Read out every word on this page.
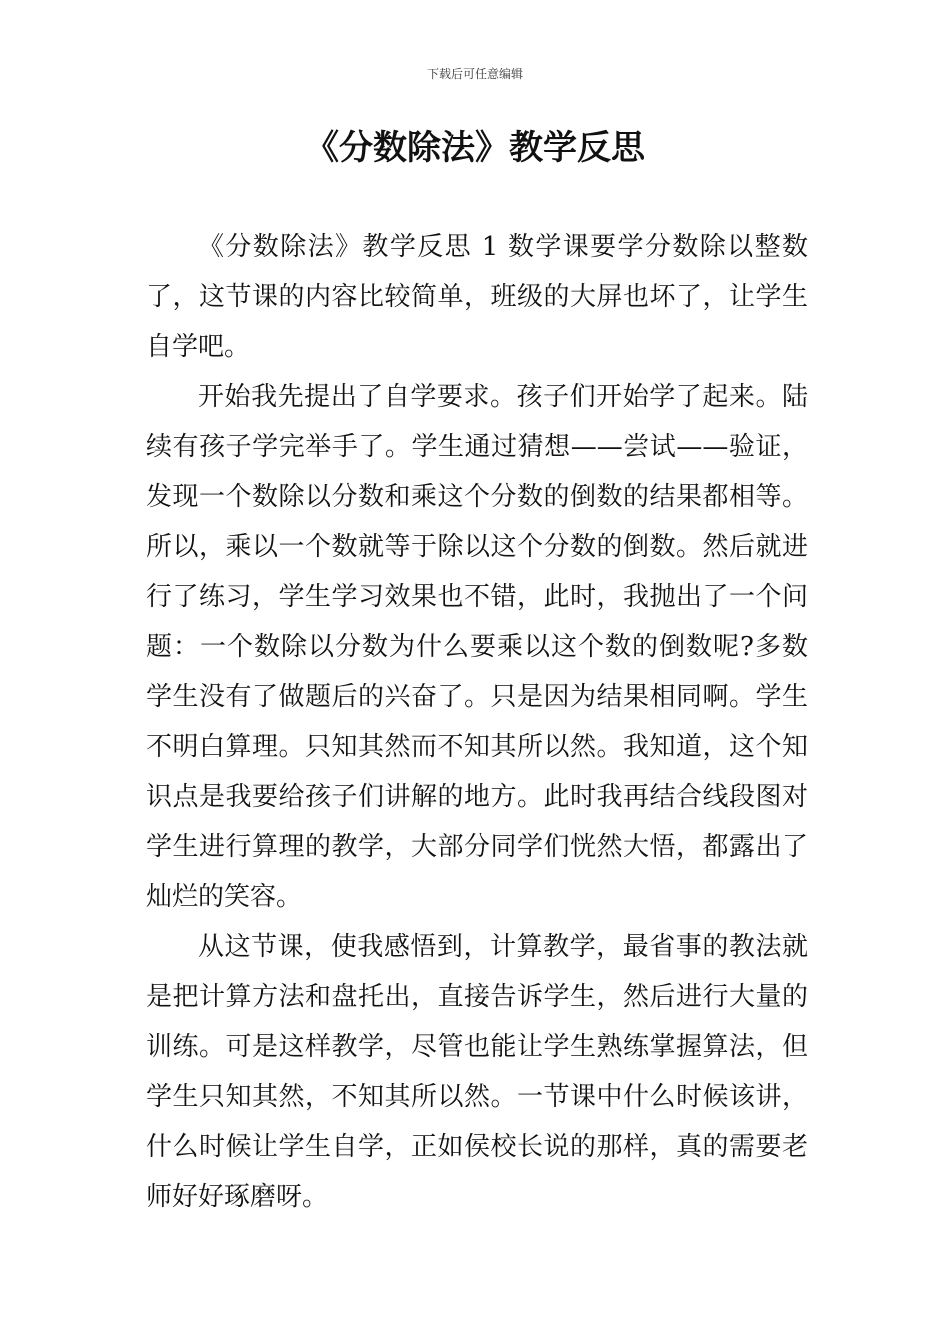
下载后可任意编辑
《分数除法》教学反思

《分数除法》教学反思 1 数学课要学分数除以整数了，这节课的内容比较简单，班级的大屏也坏了，让学生自学吧。

开始我先提出了自学要求。孩子们开始学了起来。陆续有孩子学完举手了。学生通过猜想——尝试——验证，发现一个数除以分数和乘这个分数的倒数的结果都相等。所以，乘以一个数就等于除以这个分数的倒数。然后就进行了练习，学生学习效果也不错，此时，我抛出了一个问题：一个数除以分数为什么要乘以这个数的倒数呢?多数学生没有了做题后的兴奋了。只是因为结果相同啊。学生不明白算理。只知其然而不知其所以然。我知道，这个知识点是我要给孩子们讲解的地方。此时我再结合线段图对学生进行算理的教学，大部分同学们恍然大悟，都露出了灿烂的笑容。

从这节课，使我感悟到，计算教学，最省事的教法就是把计算方法和盘托出，直接告诉学生，然后进行大量的训练。可是这样教学，尽管也能让学生熟练掌握算法，但学生只知其然，不知其所以然。一节课中什么时候该讲，什么时候让学生自学，正如侯校长说的那样，真的需要老师好好琢磨呀。
